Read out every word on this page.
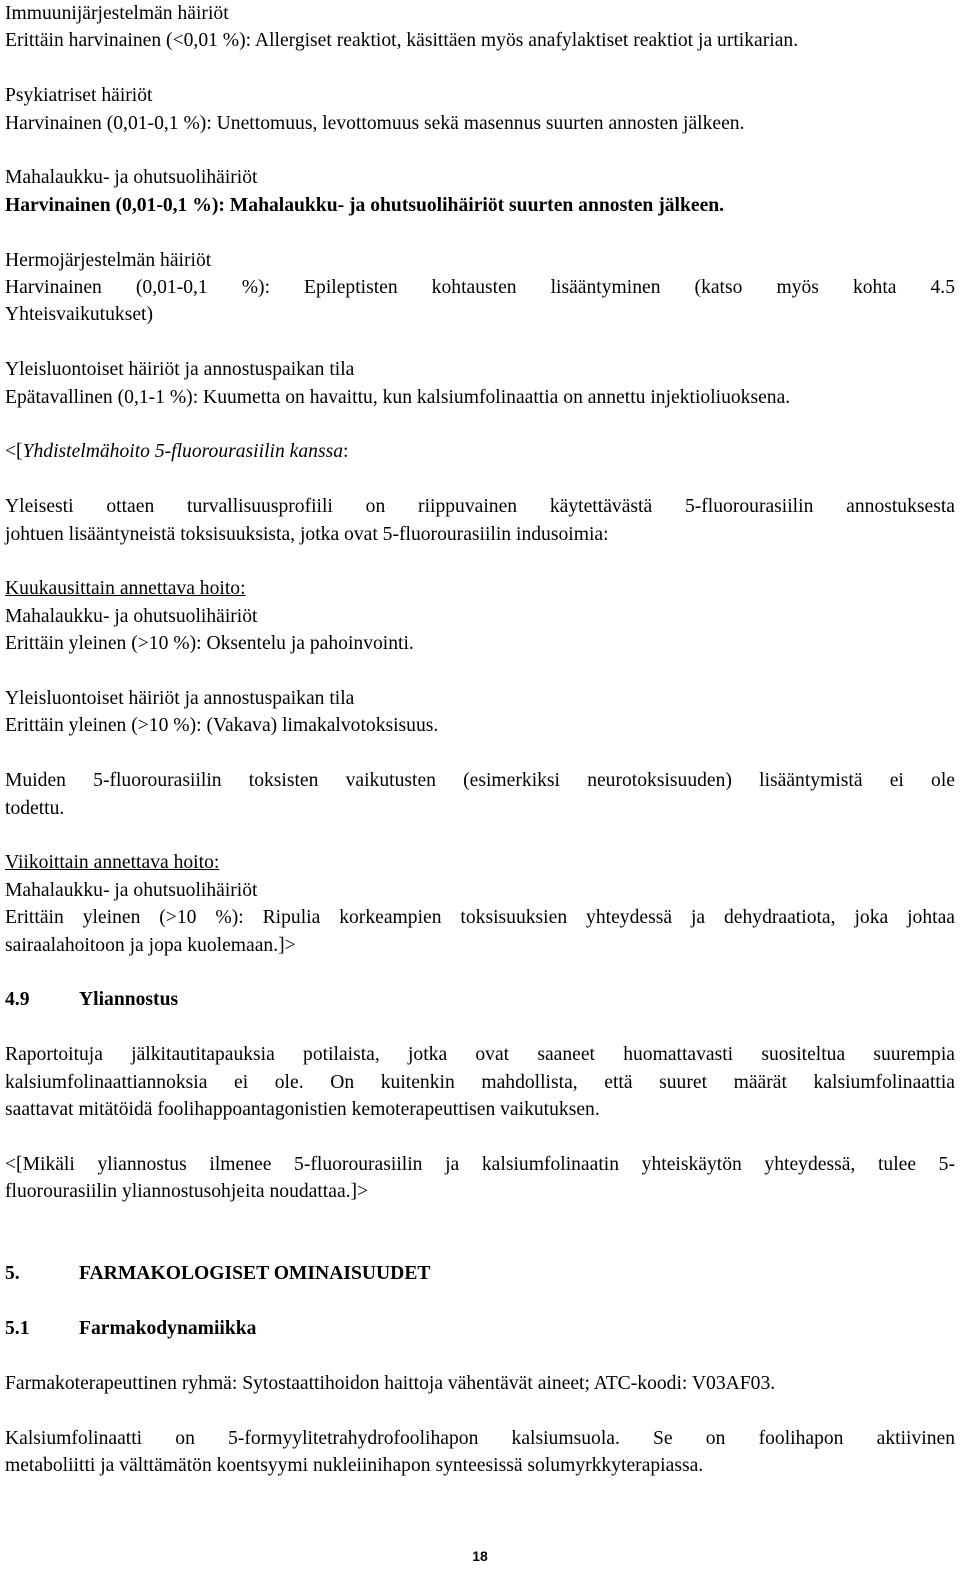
Immuunijärjestelmän häiriöt

Erittäin harvinainen (<0,01 %): Allergiset reaktiot, käsittäen myös anafylaktiset reaktiot ja urtikarian.

Psykiatriset häiriöt

Harvinainen (0,01-0,1 %): Unettomuus, levottomuus sekä masennus suurten annosten jälkeen.

Mahalaukku- ja ohutsuolihäiriöt

Harvinainen (0,01-0,1 %): Mahalaukku- ja ohutsuolihäiriöt suurten annosten jälkeen.

Hermojärjestelmän häiriöt

Harvinainen (0,01-0,1 %): Epileptisten kohtausten lisääntyminen (katso myös kohta 4.5

Yhteisvaikutukset)

Yleisluontoiset häiriöt ja annostuspaikan tila

Epätavallinen (0,1-1 %): Kuumetta on havaittu, kun kalsiumfolinaattia on annettu injektioliuoksena.

<[Yhdistelmähoito 5-fluorourasiilin kanssa:

Yleisesti ottaen turvallisuusprofiili on riippuvainen käytettävästä 5-fluorourasiilin annostuksesta

johtuen lisääntyneistä toksisuuksista, jotka ovat 5-fluorourasiilin indusoimia:

Kuukausittain annettava hoito:

Mahalaukku- ja ohutsuolihäiriöt

Erittäin yleinen (>10 %): Oksentelu ja pahoinvointi.

Yleisluontoiset häiriöt ja annostuspaikan tila

Erittäin yleinen (>10 %): (Vakava) limakalvotoksisuus.

Muiden 5-fluorourasiilin toksisten vaikutusten (esimerkiksi neurotoksisuuden) lisääntymistä ei ole

todettu.

Viikoittain annettava hoito:

Mahalaukku- ja ohutsuolihäiriöt

Erittäin yleinen (>10 %): Ripulia korkeampien toksisuuksien yhteydessä ja dehydraatiota, joka johtaa

sairaalahoitoon ja jopa kuolemaan.]>

4.9	Yliannostus

Raportoituja jälkitautitapauksia potilaista, jotka ovat saaneet huomattavasti suositeltua suurempia

kalsiumfolinaattiannoksia ei ole. On kuitenkin mahdollista, että suuret määrät kalsiumfolinaattia

saattavat mitätöidä foolihappoantagonistien kemoterapeuttisen vaikutuksen.

<[Mikäli yliannostus ilmenee 5-fluorourasiilin ja kalsiumfolinaatin yhteiskäytön yhteydessä, tulee 5-

fluorourasiilin yliannostusohjeita noudattaa.]>

5.	FARMAKOLOGISET OMINAISUUDET

5.1	Farmakodynamiikka

Farmakoterapeuttinen ryhmä: Sytostaattihoidon haittoja vähentävät aineet; ATC-koodi: V03AF03.

Kalsiumfolinaatti on 5-formyylitetrahydrofoolihapon kalsiumsuola. Se on foolihapon aktiivinen

metaboliitti ja välttämätön koentsyymi nukleiinihapon synteesissä solumyrkkyterapiassa.

18
